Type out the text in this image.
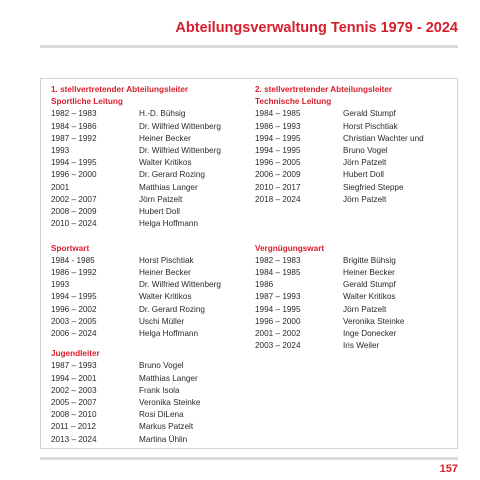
Abteilungsverwaltung Tennis 1979 - 2024
1. stellvertretender Abteilungsleiter
Sportliche Leitung
1982 – 1983	H.-D. Bühsig
1984 – 1986	Dr. Wilfried Wittenberg
1987 – 1992	Heiner Becker
1993	Dr. Wilfried Wittenberg
1994 – 1995	Walter Kritikos
1996 – 2000	Dr. Gerard Rozing
2001	Matthias Langer
2002 – 2007	Jörn Patzelt
2008 – 2009	Hubert Doll
2010 – 2024	Helga Hoffmann
Sportwart
1984 - 1985	Horst Pischtiak
1986 – 1992	Heiner Becker
1993	Dr. Wilfried Wittenberg
1994 – 1995	Walter Kritikos
1996 – 2002	Dr. Gerard Rozing
2003 – 2005	Uschi Müller
2006 – 2024	Helga Hoffmann
Jugendleiter
1987 – 1993	Bruno Vogel
1994 – 2001	Matthias Langer
2002 – 2003	Frank Isola
2005 – 2007	Veronika Steinke
2008 – 2010	Rosi DiLena
2011 – 2012	Markus Patzelt
2013 – 2024	Martina Ühlin
2. stellvertretender Abteilungsleiter
Technische Leitung
1984 – 1985	Gerald Stumpf
1986 – 1993	Horst Pischtiak
1994 – 1995	Christian Wachter und
1994 – 1995	Bruno Vogel
1996 – 2005	Jörn Patzelt
2006 – 2009	Hubert Doll
2010 – 2017	Siegfried Steppe
2018 – 2024	Jörn Patzelt
Vergnügungswart
1982 – 1983	Brigitte Bühsig
1984 – 1985	Heiner Becker
1986	Gerald Stumpf
1987 – 1993	Walter Kritikos
1994 – 1995	Jörn Patzelt
1996 – 2000	Veronika Steinke
2001 – 2002	Inge Donecker
2003 – 2024	Iris Weiler
157
